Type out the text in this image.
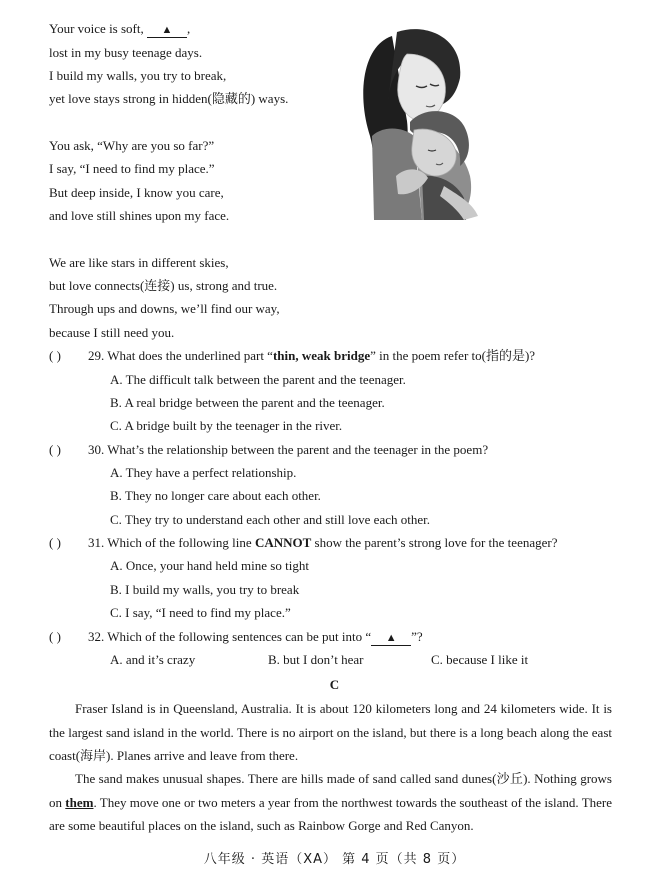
Your voice is soft, ▲ ,
lost in my busy teenage days.
I build my walls, you try to break,
yet love stays strong in hidden(隐藏的) ways.
You ask, “Why are you so far?”
I say, “I need to find my place.”
But deep inside, I know you care,
and love still shines upon my face.
We are like stars in different skies,
but love connects(连接) us, strong and true.
Through ups and downs, we’ll find our way,
because I still need you.
( ) 29. What does the underlined part “thin, weak bridge” in the poem refer to(指的是)?
A. The difficult talk between the parent and the teenager.
B. A real bridge between the parent and the teenager.
C. A bridge built by the teenager in the river.
( ) 30. What’s the relationship between the parent and the teenager in the poem?
A. They have a perfect relationship.
B. They no longer care about each other.
C. They try to understand each other and still love each other.
( ) 31. Which of the following line CANNOT show the parent’s strong love for the teenager?
A. Once, your hand held mine so tight
B. I build my walls, you try to break
C. I say, “I need to find my place.”
( ) 32. Which of the following sentences can be put into “ ▲ ”?
A. and it’s crazy	B. but I don’t hear	C. because I like it
C
Fraser Island is in Queensland, Australia. It is about 120 kilometers long and 24 kilometers wide. It is the largest sand island in the world. There is no airport on the island, but there is a long beach along the east coast(海岸). Planes arrive and leave from there.
The sand makes unusual shapes. There are hills made of sand called sand dunes(沙丘). Nothing grows on them. They move one or two meters a year from the northwest towards the southeast of the island. There are some beautiful places on the island, such as Rainbow Gorge and Red Canyon.
八年级 · 英语（XA） 第 4 页（共 8 页）
